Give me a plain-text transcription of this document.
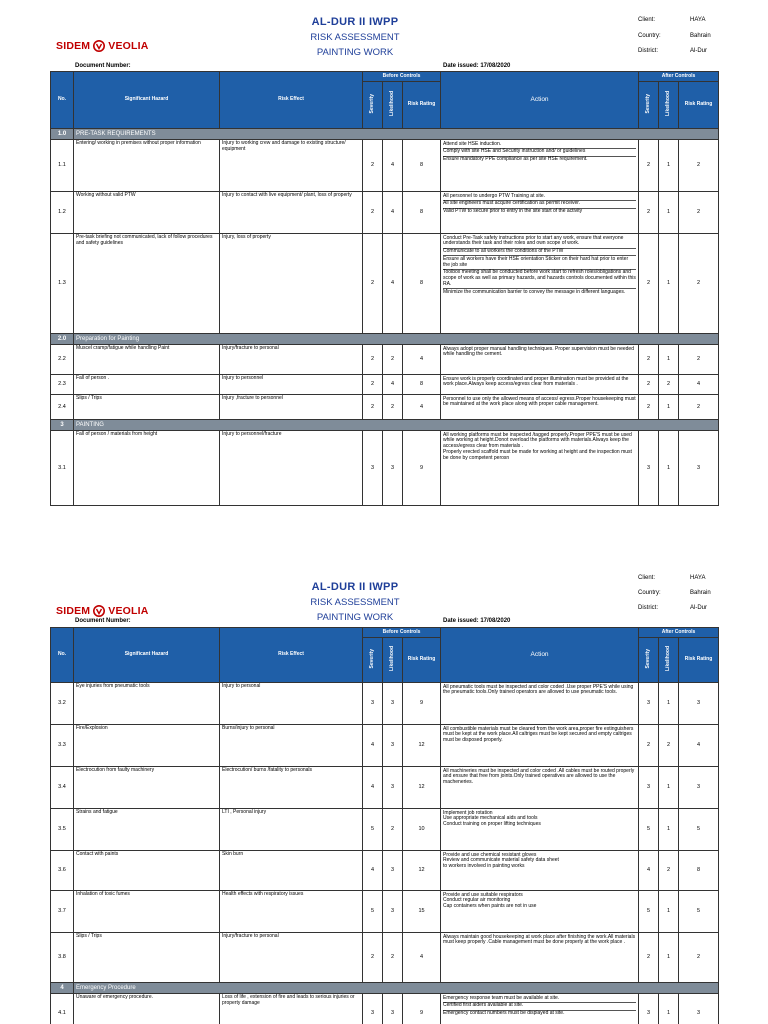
AL-DUR II IWPP
RISK ASSESSMENT
PAINTING WORK
SIDEM VEOLIA
Client:	HAYA
Country:	Bahrain
District:	Al-Dur
Document Number:	Date issued: 17/08/2020
No.	Significant Hazard	Risk Effect	Before Controls			Action	After Controls		
			Severity	Likelihood	Risk Rating		Severity	Likelihood	Risk Rating
1.0	PRE-TASK REQUIREMENTS								
1.1	Entering/ working in premises without proper information	Injury to working crew and damage to existing structure/ equipment	2	4	8	Attend site HSE induction.
Comply with site HSE and Security instruction and/ or guidelines
Ensure mandatory PPE compliance as per site HSE requirement.	2	1	2
1.2	Working without valid PTW	Injury to contact with live equipment/ plant, loss of property	2	4	8	All personnel to undergo PTW Training at site.
All site engineers must acquire certification as permit receiver.
Valid PTW to secure prior to entry in the site start of the activity	2	1	2
1.3	Pre-task briefing not communicated, lack of follow procedures and safety guidelines	Injury, loss of property	2	4	8	Conduct Pre-Task safety instructions prior to start any work, ensure that everyone understands their task and their roles and own scope of work.
Communicate to all workers the conditions of the PTW
Ensure all workers have their HSE orientation Sticker on their hard hat prior to enter the job site
Toolbox meeting shall be conducted before work start to refresh roles/obligations and scope of work as well as primary hazards, and hazards controls documented within this RA.
Minimize the communication barrier to convey the message in different languages.	2	1	2
2.0	Preparation for Painting								
2.2	Muscel cramp/fatigue while handling Paint	Injury/fracture to personal	2	2	4	Always adopt proper manual handling techniques. Proper supervision must be needed while handling the cement.	2	1	2
2.3	Fall of person .	Injury to personnel	2	4	8	Ensure work is properly coordinated and proper illumination must be provided at the work place.Always keep access/egress clear from materials .	2	2	4
2.4	Slips / Trips	Injury ,fracture to personnel	2	2	4	Personnel to use only the allowed means of access/ egress.Proper housekeeping must be maintained at the work place along with proper cable management.	2	1	2
3	PAINTING								
3.1	Fall of person / materials from height	Injury to personnel/fracture	3	3	9	All working platforms must be inspected /tagged properly.Proper PPE'S must be used while working at height.Donot overload the platforms with materials.Always keep the access/egress clear from materials .
Properly erected scaffold must be made for working at height and the inspection must be done by competent perosn	3	1	3
AL-DUR II IWPP
RISK ASSESSMENT
PAINTING WORK
SIDEM VEOLIA
Client:	HAYA
Country:	Bahrain
District:	Al-Dur
Document Number:	Date issued: 17/08/2020
No.	Significant Hazard	Risk Effect	Before Controls			Action	After Controls		
			Severity	Likelihood	Risk Rating		Severity	Likelihood	Risk Rating
3.2	Eye injuries from pneumatic tools	Injury to personal	3	3	9	All pneumatic tools must be inspected and color coded .Use proper PPE'S while using the pneumatic tools.Only trained operators are allowed to use pneumatic tools.	3	1	3
3.3	Fire/Explosion	Burns/injury to personal	4	3	12	All combustible materials must be cleared from the work area,proper fire extinguishers must be kept at the work place.All caltriges must be kept secured and empty caltriges must be disposed properly.	2	2	4
3.4	Electrocution from faulty machinery	Electrocution/ burns /fatality to personals	4	3	12	All machineries must be inspected and color coded .All cables must be routed properly and ensure that free from joints.Only trained operatives are allowed to use the macheneries.	3	1	3
3.5	Strains and fatigue	LTI , Personal injury	5	2	10	Implement job rotation
Use appropriate mechanical aids and tools
Conduct training on proper lifting techniques	5	1	5
3.6	Contact with paints	Skin burn	4	3	12	Provide and use chemical resistant gloves
Review and communicate material safety data sheet
to workers involved in painting works	4	2	8
3.7	Inhalation of toxic fumes	Health effects with respiratory issues	5	3	15	Provide and use suitable respirators
Conduct regular air monitoring
Cap containers when paints are not in use	5	1	5
3.8	Slips / Trips	Injury/fracture to personal	2	2	4	Always maintain good housekeeping at work place after finishing the work.All materials must keep properly .Cable management must be done properly at the work place .	2	1	2
4	Emergency Procedure								
4.1	Unaware of emergency procedure.	Loss of life , extension of fire and leads to serious injuries or property damage	3	3	9	Emergency response team must be available at site.
Certified first aiders available at site.
Emergency contact numbers must be displayed at site.	3	1	3
